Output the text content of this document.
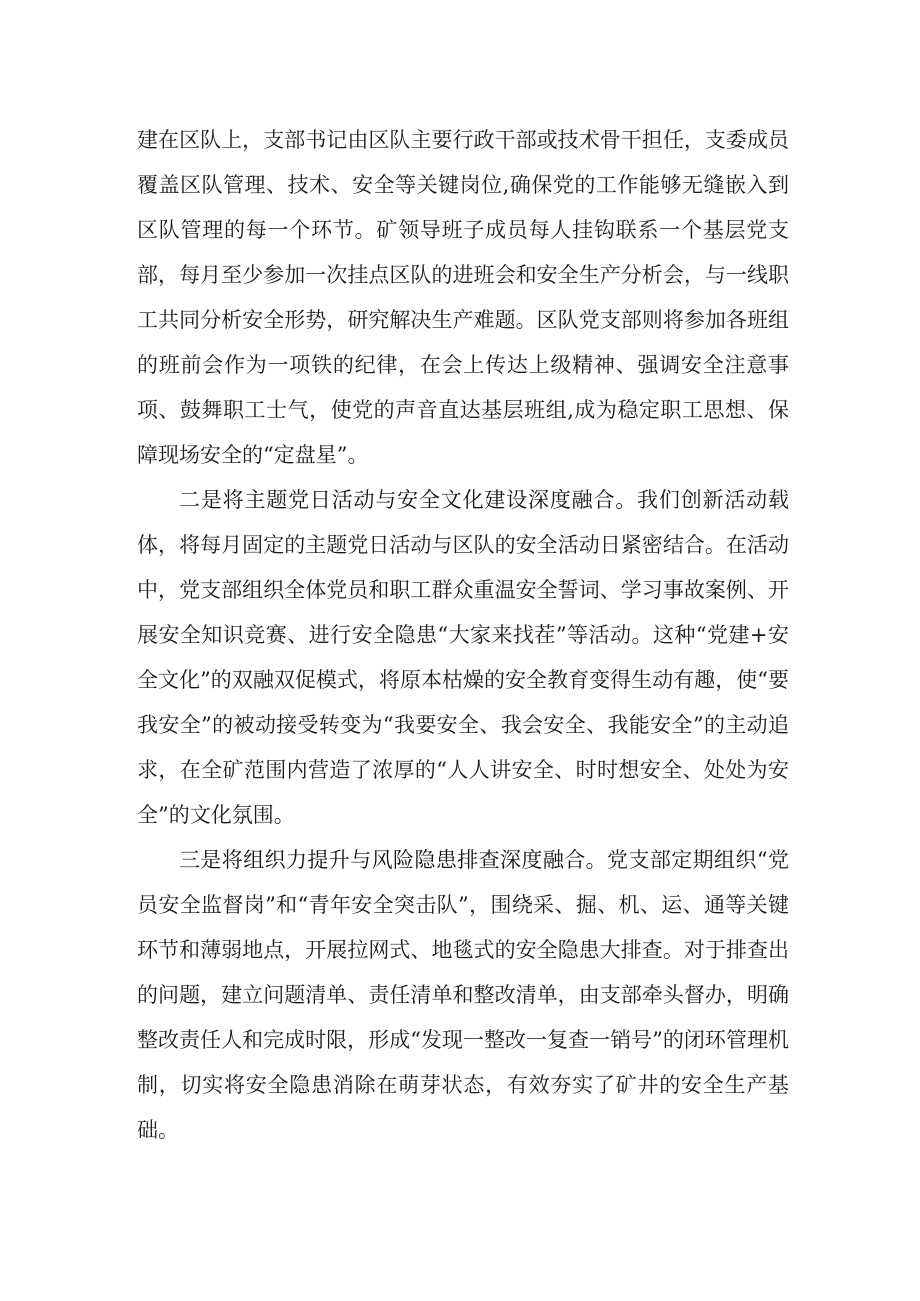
建在区队上，支部书记由区队主要行政干部或技术骨干担任，支委成员覆盖区队管理、技术、安全等关键岗位,确保党的工作能够无缝嵌入到区队管理的每一个环节。矿领导班子成员每人挂钩联系一个基层党支部，每月至少参加一次挂点区队的进班会和安全生产分析会，与一线职工共同分析安全形势，研究解决生产难题。区队党支部则将参加各班组的班前会作为一项铁的纪律，在会上传达上级精神、强调安全注意事项、鼓舞职工士气，使党的声音直达基层班组,成为稳定职工思想、保障现场安全的“定盘星”。

二是将主题党日活动与安全文化建设深度融合。我们创新活动载体，将每月固定的主题党日活动与区队的安全活动日紧密结合。在活动中，党支部组织全体党员和职工群众重温安全誓词、学习事故案例、开展安全知识竞赛、进行安全隐患“大家来找茬”等活动。这种“党建+安全文化”的双融双促模式，将原本枯燥的安全教育变得生动有趣，使“要我安全”的被动接受转变为“我要安全、我会安全、我能安全”的主动追求，在全矿范围内营造了浓厚的“人人讲安全、时时想安全、处处为安全”的文化氛围。

三是将组织力提升与风险隐患排查深度融合。党支部定期组织“党员安全监督岗”和“青年安全突击队”，围绕采、掘、机、运、通等关键环节和薄弱地点，开展拉网式、地毯式的安全隐患大排查。对于排查出的问题，建立问题清单、责任清单和整改清单，由支部牵头督办，明确整改责任人和完成时限，形成“发现一整改一复查一销号”的闭环管理机制，切实将安全隐患消除在萌芽状态，有效夯实了矿井的安全生产基础。
